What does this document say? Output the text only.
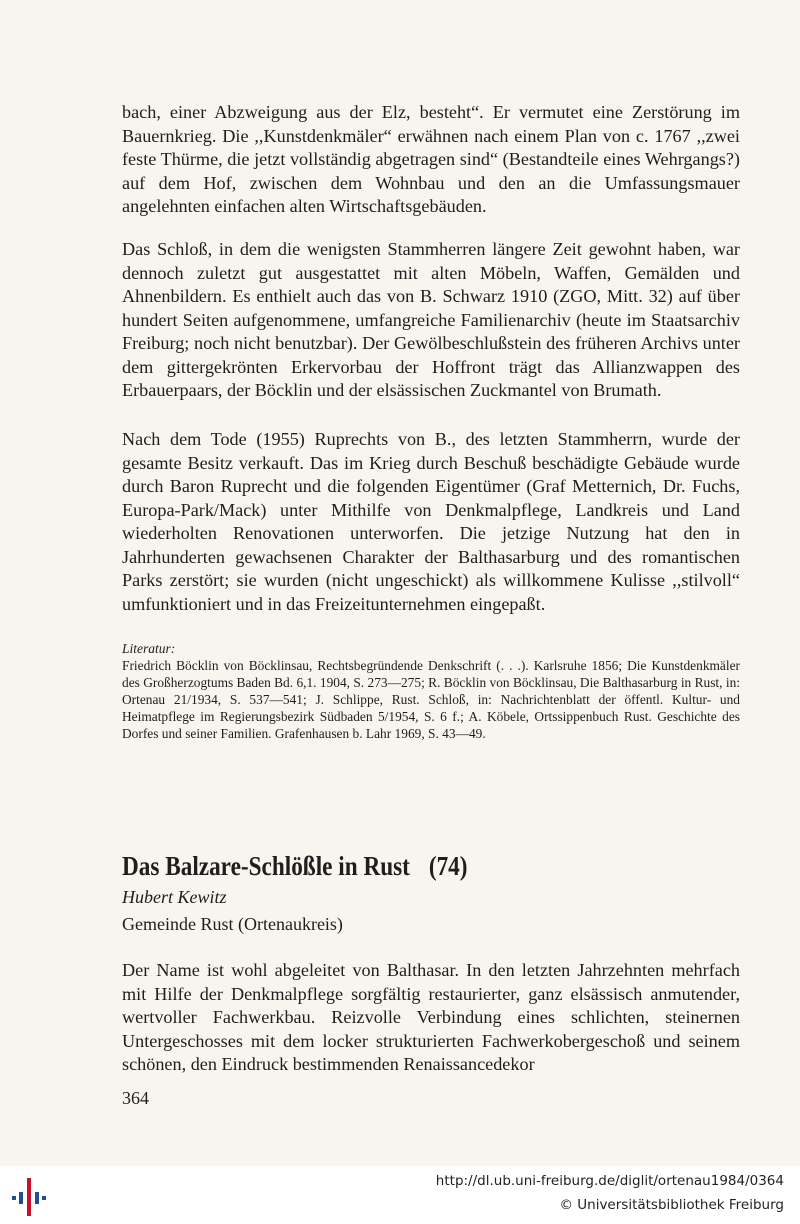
bach, einer Abzweigung aus der Elz, besteht“. Er vermutet eine Zerstörung im Bauernkrieg. Die ,,Kunstdenkmäler“ erwähnen nach einem Plan von c. 1767 ,,zwei feste Thürme, die jetzt vollständig abgetragen sind“ (Bestandteile eines Wehrgangs?) auf dem Hof, zwischen dem Wohnbau und den an die Umfassungsmauer angelehnten einfachen alten Wirtschaftsgebäuden.

Das Schloß, in dem die wenigsten Stammherren längere Zeit gewohnt haben, war dennoch zuletzt gut ausgestattet mit alten Möbeln, Waffen, Gemälden und Ahnenbildern. Es enthielt auch das von B. Schwarz 1910 (ZGO, Mitt. 32) auf über hundert Seiten aufgenommene, umfangreiche Familienarchiv (heute im Staatsarchiv Freiburg; noch nicht benutzbar). Der Gewölbeschlußstein des früheren Archivs unter dem gittergekrönten Erkervorbau der Hoffront trägt das Allianzwappen des Erbauerpaars, der Böcklin und der elsässischen Zuckmantel von Brumath.

Nach dem Tode (1955) Ruprechts von B., des letzten Stammherrn, wurde der gesamte Besitz verkauft. Das im Krieg durch Beschuß beschädigte Gebäude wurde durch Baron Ruprecht und die folgenden Eigentümer (Graf Metternich, Dr. Fuchs, Europa-Park/Mack) unter Mithilfe von Denkmalpflege, Landkreis und Land wiederholten Renovationen unterworfen. Die jetzige Nutzung hat den in Jahrhunderten gewachsenen Charakter der Balthasarburg und des romantischen Parks zerstört; sie wurden (nicht ungeschickt) als willkommene Kulisse ,,stilvoll“ umfunktioniert und in das Freizeitunternehmen eingepaßt.

Literatur:

Friedrich Böcklin von Böcklinsau, Rechtsbegründende Denkschrift (. . .). Karlsruhe 1856; Die Kunstdenkmäler des Großherzogtums Baden Bd. 6,1. 1904, S. 273—275; R. Böcklin von Böcklinsau, Die Balthasarburg in Rust, in: Ortenau 21/1934, S. 537—541; J. Schlippe, Rust. Schloß, in: Nachrichtenblatt der öffentl. Kultur- und Heimatpflege im Regierungsbezirk Südbaden 5/1954, S. 6 f.; A. Köbele, Ortssippenbuch Rust. Geschichte des Dorfes und seiner Familien. Grafenhausen b. Lahr 1969, S. 43—49.

Das Balzare-Schlößle in Rust (74)

Hubert Kewitz

Gemeinde Rust (Ortenaukreis)

Der Name ist wohl abgeleitet von Balthasar. In den letzten Jahrzehnten mehrfach mit Hilfe der Denkmalpflege sorgfältig restaurierter, ganz elsässisch anmutender, wertvoller Fachwerkbau. Reizvolle Verbindung eines schlichten, steinernen Untergeschosses mit dem locker strukturierten Fachwerkobergeschoß und seinem schönen, den Eindruck bestimmenden Renaissancedekor

364

http://dl.ub.uni-freiburg.de/diglit/ortenau1984/0364

© Universitätsbibliothek Freiburg
